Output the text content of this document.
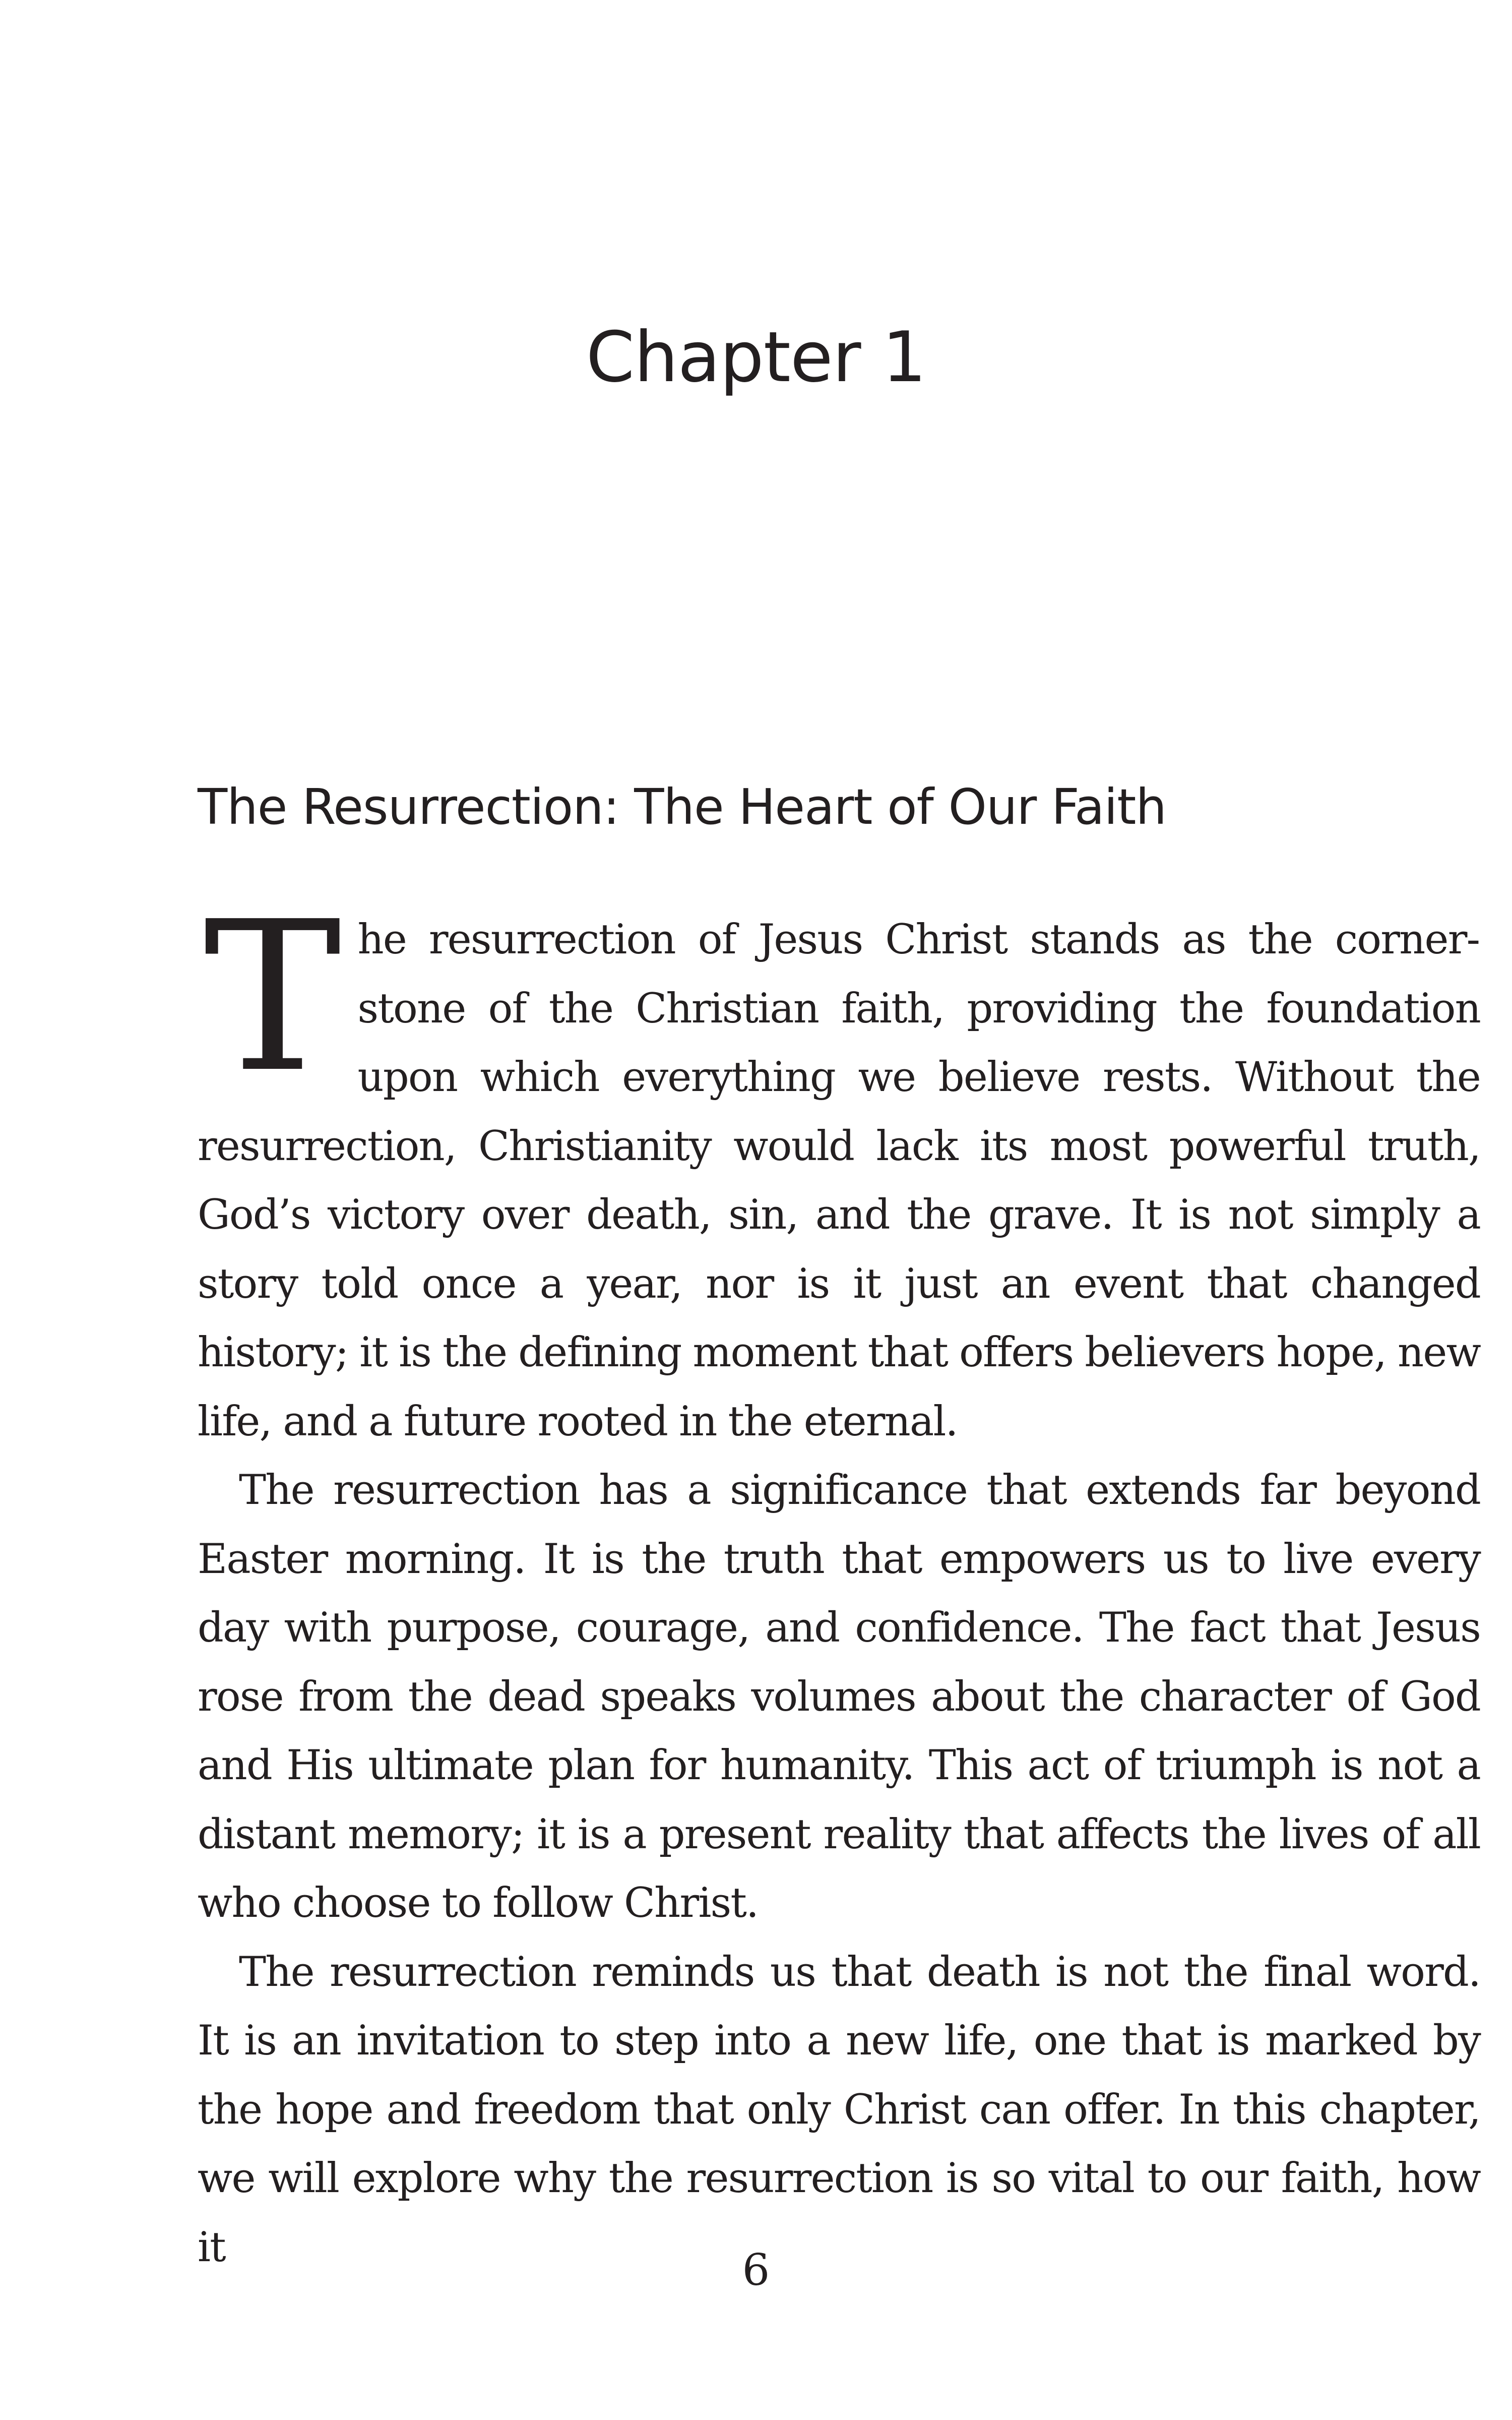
Chapter 1
The Resurrection: The Heart of Our Faith

The resurrection of Jesus Christ stands as the cornerstone of the Christian faith, providing the foundation upon which everything we believe rests. Without the resurrection, Christianity would lack its most powerful truth, God’s victory over death, sin, and the grave. It is not simply a story told once a year, nor is it just an event that changed history; it is the defining moment that offers believers hope, new life, and a future rooted in the eternal.

The resurrection has a significance that extends far beyond Easter morning. It is the truth that empowers us to live every day with purpose, courage, and confidence. The fact that Jesus rose from the dead speaks volumes about the character of God and His ultimate plan for humanity. This act of triumph is not a distant memory; it is a present reality that affects the lives of all who choose to follow Christ.

The resurrection reminds us that death is not the final word. It is an invitation to step into a new life, one that is marked by the hope and freedom that only Christ can offer. In this chapter, we will explore why the resurrection is so vital to our faith, how it	6
